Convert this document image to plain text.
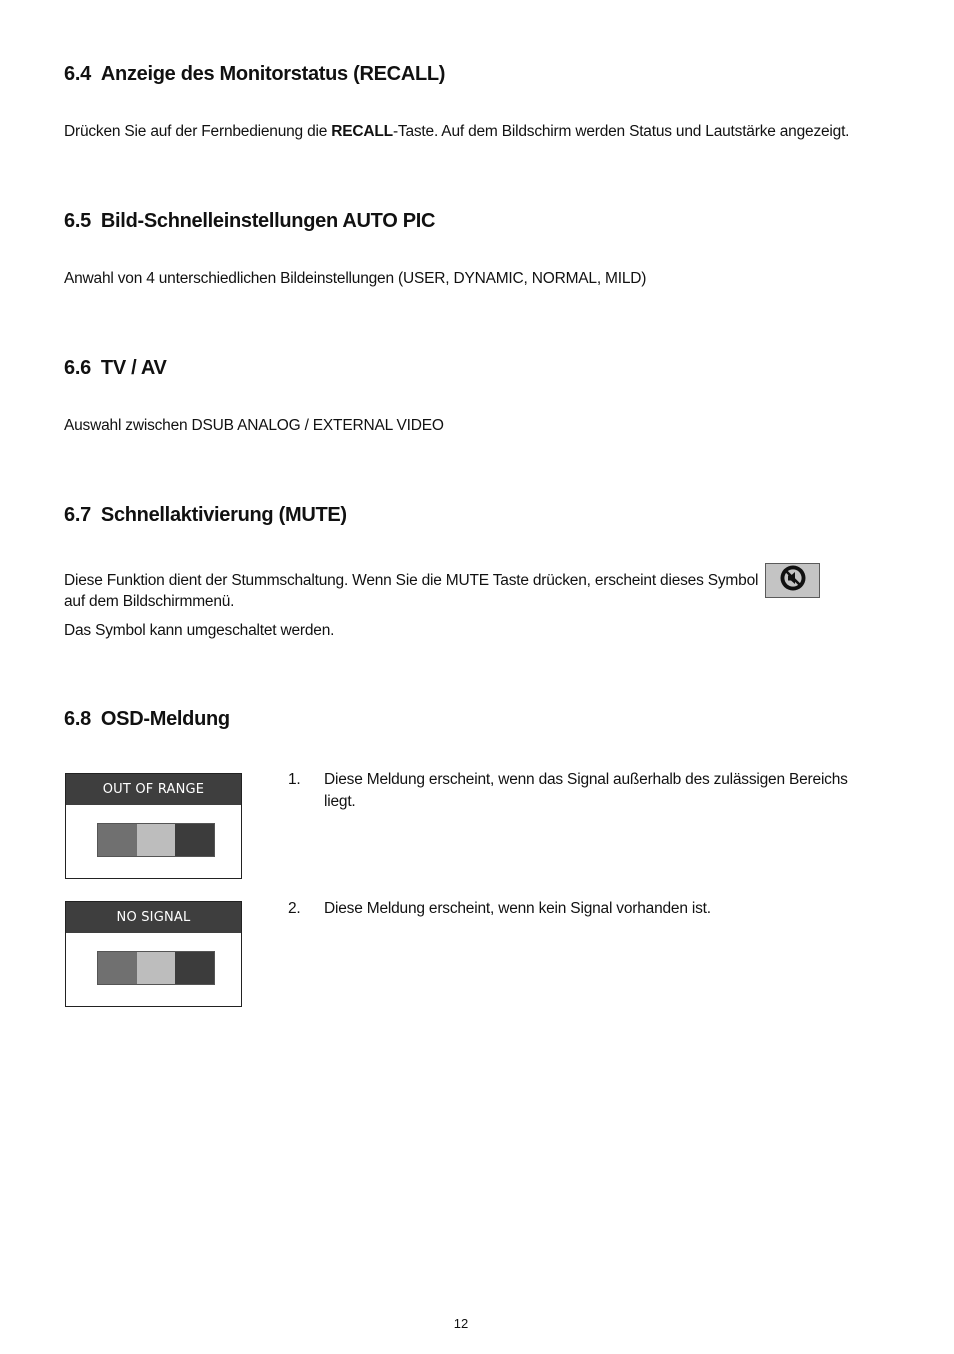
6.4 Anzeige des Monitorstatus (RECALL)

Drücken Sie auf der Fernbedienung die RECALL-Taste. Auf dem Bildschirm werden Status und Lautstärke angezeigt.

6.5 Bild-Schnelleinstellungen AUTO PIC

Anwahl von 4 unterschiedlichen Bildeinstellungen (USER, DYNAMIC, NORMAL, MILD)

6.6 TV / AV

Auswahl zwischen DSUB ANALOG / EXTERNAL VIDEO

6.7 Schnellaktivierung (MUTE)

Diese Funktion dient der Stummschaltung. Wenn Sie die MUTE Taste drücken, erscheint dieses Symbol

auf dem Bildschirmmenü.

Das Symbol kann umgeschaltet werden.

6.8 OSD-Meldung
OUT OF RANGE
1. Diese Meldung erscheint, wenn das Signal außerhalb des zulässigen Bereichs liegt.
NO SIGNAL
2. Diese Meldung erscheint, wenn kein Signal vorhanden ist.
12
